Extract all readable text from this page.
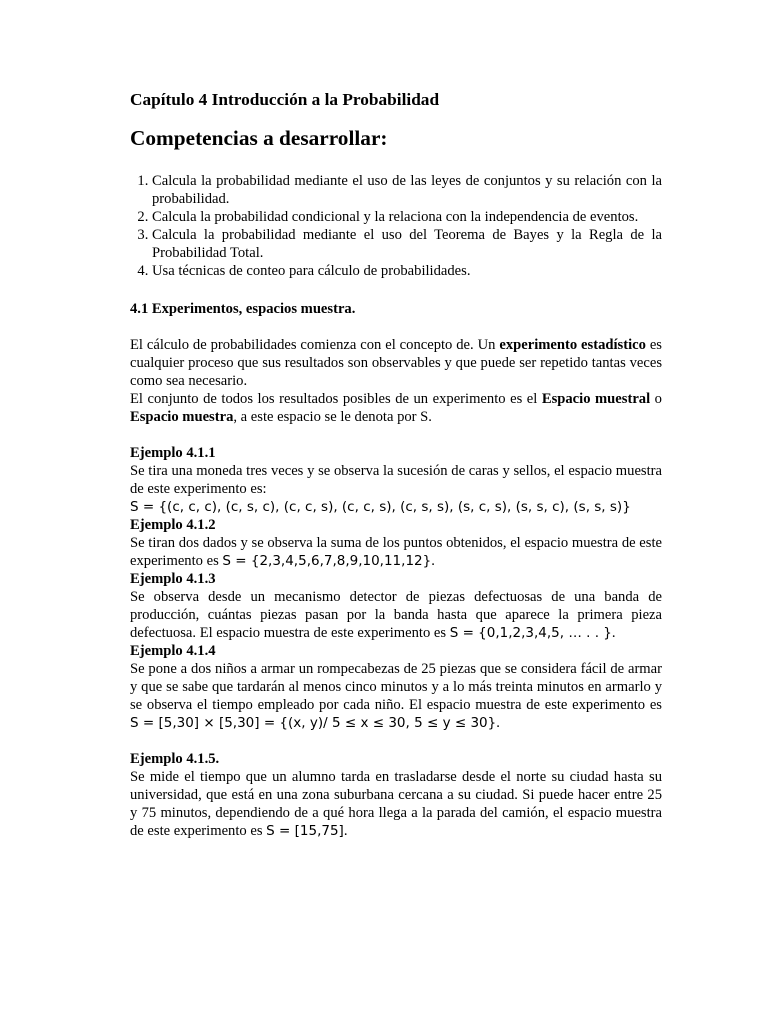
Capítulo 4 Introducción a la Probabilidad
Competencias a desarrollar:
1. Calcula la probabilidad mediante el uso de las leyes de conjuntos y su relación con la probabilidad.
2. Calcula la probabilidad condicional y la relaciona con la independencia de eventos.
3. Calcula la probabilidad mediante el uso del Teorema de Bayes y la Regla de la Probabilidad Total.
4. Usa técnicas de conteo para cálculo de probabilidades.
4.1 Experimentos, espacios muestra.

El cálculo de probabilidades comienza con el concepto de. Un experimento estadístico es cualquier proceso que sus resultados son observables y que puede ser repetido tantas veces como sea necesario.

El conjunto de todos los resultados posibles de un experimento es el Espacio muestral o Espacio muestra, a este espacio se le denota por S.

Ejemplo 4.1.1

Se tira una moneda tres veces y se observa la sucesión de caras y sellos, el espacio muestra de este experimento es:

S = {(c, c, c), (c, s, c), (c, c, s), (c, c, s), (c, s, s), (s, c, s), (s, s, c), (s, s, s)}

Ejemplo 4.1.2

Se tiran dos dados y se observa la suma de los puntos obtenidos, el espacio muestra de este experimento es S = {2,3,4,5,6,7,8,9,10,11,12}.

Ejemplo 4.1.3

Se observa desde un mecanismo detector de piezas defectuosas de una banda de producción, cuántas piezas pasan por la banda hasta que aparece la primera pieza defectuosa. El espacio muestra de este experimento es S = {0,1,2,3,4,5, … . . }.

Ejemplo 4.1.4

Se pone a dos niños a armar un rompecabezas de 25 piezas que se considera fácil de armar y que se sabe que tardarán al menos cinco minutos y a lo más treinta minutos en armarlo y se observa el tiempo empleado por cada niño. El espacio muestra de este experimento es S = [5,30] × [5,30] = {(x, y)/ 5 ≤ x ≤ 30, 5 ≤ y ≤ 30}.

Ejemplo 4.1.5.

Se mide el tiempo que un alumno tarda en trasladarse desde el norte su ciudad hasta su universidad, que está en una zona suburbana cercana a su ciudad. Si puede hacer entre 25 y 75 minutos, dependiendo de a qué hora llega a la parada del camión, el espacio muestra de este experimento es S = [15,75].
